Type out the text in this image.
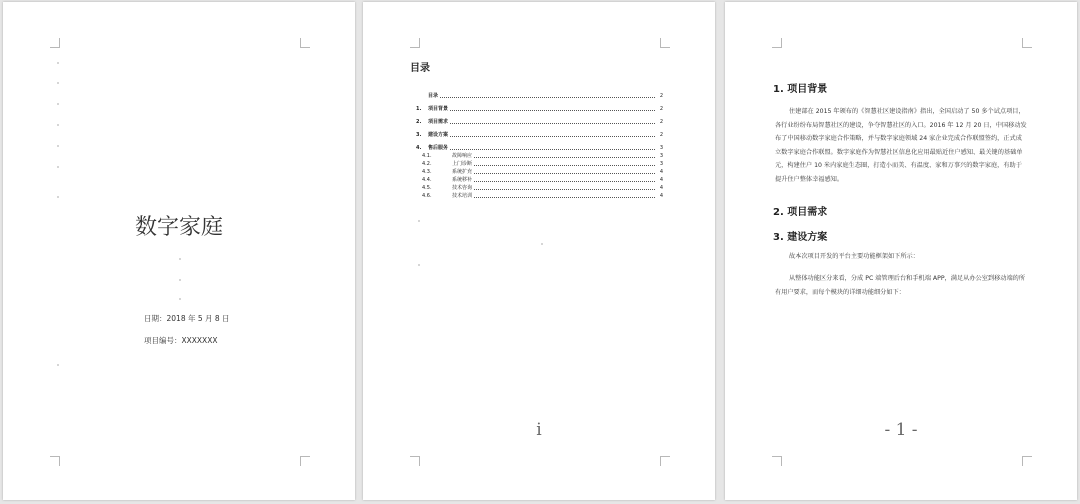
数字家庭
日期：2018 年 5 月 8 日
项目编号：XXXXXXX
目录
目录	2
1.	项目背景	2
2.	项目需求	2
3.	建设方案	2
4.	售后服务	3
4.1.	故障响应	3
4.2.	上门诊断	3
4.3.	系统扩充	4
4.4.	系统移补	4
4.5.	技术咨询	4
4.6.	技术培训	4
i
1. 项目背景
住建部在 2015 年颁布的《智慧社区建设指南》指出，全国启动了 50 多个试点项目，各行业纷纷布局智慧社区的建设，争夺智慧社区的入口。2016 年 12 月 20 日，中国移动发布了中国移动数字家庭合作策略，并与数字家庭领域 24 家企业完成合作联盟签约，正式成立数字家庭合作联盟。数字家庭作为智慧社区信息化应用最贴近住户感知、最关键的基础单元，构建住户 10 米内家庭生态圈，打造小而美、有温度、家和万事兴的数字家庭，有助于提升住户整体幸福感知。
2. 项目需求
3. 建设方案
故本次项目开发的平台主要功能框架如下所示：
从整体功能区分来看，分成 PC 端管理后台和手机端 APP，满足从办公室到移动端的所有用户要求，而每个模块的详细功能细分如下：
- 1 -
